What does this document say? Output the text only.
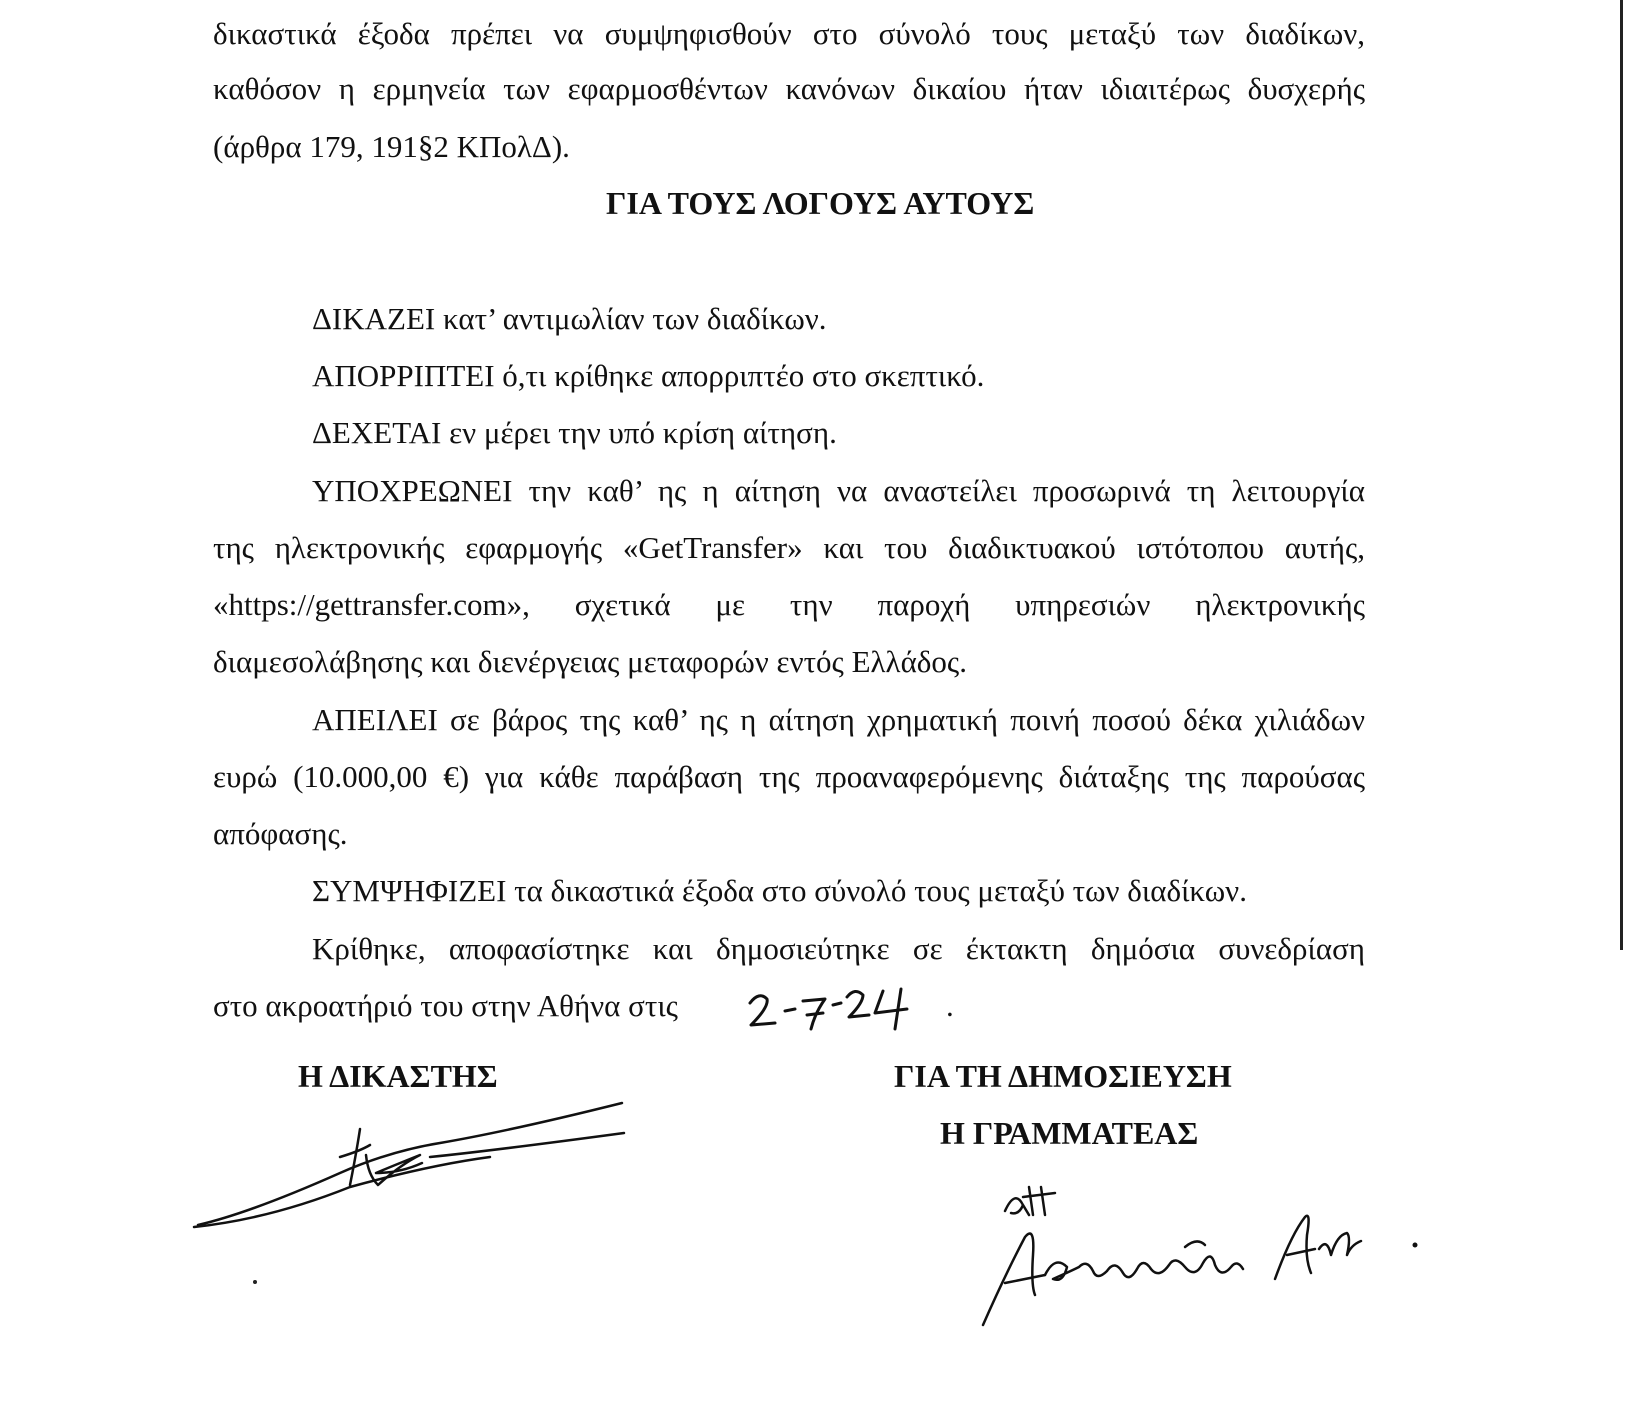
δικαστικά έξοδα πρέπει να συμψηφισθούν στο σύνολό τους μεταξύ των διαδίκων,
καθόσον η ερμηνεία των εφαρμοσθέντων κανόνων δικαίου ήταν ιδιαιτέρως δυσχερής
(άρθρα 179, 191§2 ΚΠολΔ).
ΓΙΑ ΤΟΥΣ ΛΟΓΟΥΣ ΑΥΤΟΥΣ
ΔΙΚΑΖΕΙ κατ’ αντιμωλίαν των διαδίκων.
ΑΠΟΡΡΙΠΤΕΙ ό,τι κρίθηκε απορριπτέο στο σκεπτικό.
ΔΕΧΕΤΑΙ εν μέρει την υπό κρίση αίτηση.
ΥΠΟΧΡΕΩΝΕΙ την καθ’ ης η αίτηση να αναστείλει προσωρινά τη λειτουργία
της ηλεκτρονικής εφαρμογής «GetTransfer» και του διαδικτυακού ιστότοπου αυτής,
«https://gettransfer.com», σχετικά με την παροχή υπηρεσιών ηλεκτρονικής
διαμεσολάβησης και διενέργειας μεταφορών εντός Ελλάδος.
ΑΠΕΙΛΕΙ σε βάρος της καθ’ ης η αίτηση χρηματική ποινή ποσού δέκα χιλιάδων
ευρώ (10.000,00 €) για κάθε παράβαση της προαναφερόμενης διάταξης της παρούσας
απόφασης.
ΣΥΜΨΗΦΙΖΕΙ τα δικαστικά έξοδα στο σύνολό τους μεταξύ των διαδίκων.
Κρίθηκε, αποφασίστηκε και δημοσιεύτηκε σε έκτακτη δημόσια συνεδρίαση
στο ακροατήριό του στην Αθήνα στις	.
Η ΔΙΚΑΣΤΗΣ	ΓΙΑ ΤΗ ΔΗΜΟΣΙΕΥΣΗ
Η ΓΡΑΜΜΑΤΕΑΣ
